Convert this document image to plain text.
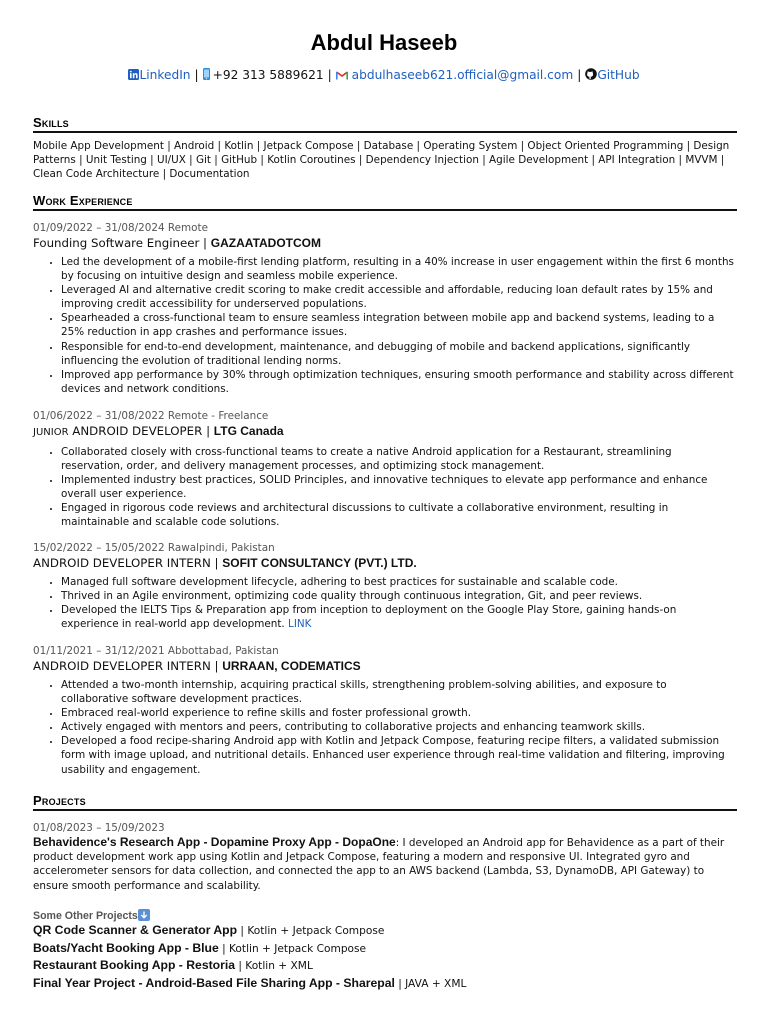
Abdul Haseeb
LinkedIn | +92 313 5889621 | abdulhaseeb621.official@gmail.com | GitHub
Skills
Mobile App Development | Android | Kotlin | Jetpack Compose | Database | Operating System | Object Oriented Programming | Design Patterns | Unit Testing | UI/UX | Git | GitHub | Kotlin Coroutines | Dependency Injection | Agile Development | API Integration | MVVM | Clean Code Architecture | Documentation
Work Experience
01/09/2022 – 31/08/2024 Remote
Founding Software Engineer | GAZAATADOTCOM
• Led the development of a mobile-first lending platform, resulting in a 40% increase in user engagement within the first 6 months by focusing on intuitive design and seamless mobile experience.
• Leveraged AI and alternative credit scoring to make credit accessible and affordable, reducing loan default rates by 15% and improving credit accessibility for underserved populations.
• Spearheaded a cross-functional team to ensure seamless integration between mobile app and backend systems, leading to a 25% reduction in app crashes and performance issues.
• Responsible for end-to-end development, maintenance, and debugging of mobile and backend applications, significantly influencing the evolution of traditional lending norms.
• Improved app performance by 30% through optimization techniques, ensuring smooth performance and stability across different devices and network conditions.
01/06/2022 – 31/08/2022 Remote - Freelance
JUNIOR ANDROID DEVELOPER | LTG Canada
• Collaborated closely with cross-functional teams to create a native Android application for a Restaurant, streamlining reservation, order, and delivery management processes, and optimizing stock management.
• Implemented industry best practices, SOLID Principles, and innovative techniques to elevate app performance and enhance overall user experience.
• Engaged in rigorous code reviews and architectural discussions to cultivate a collaborative environment, resulting in maintainable and scalable code solutions.
15/02/2022 – 15/05/2022 Rawalpindi, Pakistan
ANDROID DEVELOPER INTERN | SOFIT CONSULTANCY (PVT.) LTD.
• Managed full software development lifecycle, adhering to best practices for sustainable and scalable code.
• Thrived in an Agile environment, optimizing code quality through continuous integration, Git, and peer reviews.
• Developed the IELTS Tips & Preparation app from inception to deployment on the Google Play Store, gaining hands-on experience in real-world app development. LINK
01/11/2021 – 31/12/2021 Abbottabad, Pakistan
ANDROID DEVELOPER INTERN | URRAAN, CODEMATICS
• Attended a two-month internship, acquiring practical skills, strengthening problem-solving abilities, and exposure to collaborative software development practices.
• Embraced real-world experience to refine skills and foster professional growth.
• Actively engaged with mentors and peers, contributing to collaborative projects and enhancing teamwork skills.
• Developed a food recipe-sharing Android app with Kotlin and Jetpack Compose, featuring recipe filters, a validated submission form with image upload, and nutritional details. Enhanced user experience through real-time validation and filtering, improving usability and engagement.
Projects
01/08/2023 – 15/09/2023
Behavidence's Research App - Dopamine Proxy App - DopaOne: I developed an Android app for Behavidence as a part of their product development work app using Kotlin and Jetpack Compose, featuring a modern and responsive UI. Integrated gyro and accelerometer sensors for data collection, and connected the app to an AWS backend (Lambda, S3, DynamoDB, API Gateway) to ensure smooth performance and scalability.
Some Other Projects
QR Code Scanner & Generator App | Kotlin + Jetpack Compose
Boats/Yacht Booking App - Blue | Kotlin + Jetpack Compose
Restaurant Booking App - Restoria | Kotlin + XML
Final Year Project - Android-Based File Sharing App - Sharepal | JAVA + XML
